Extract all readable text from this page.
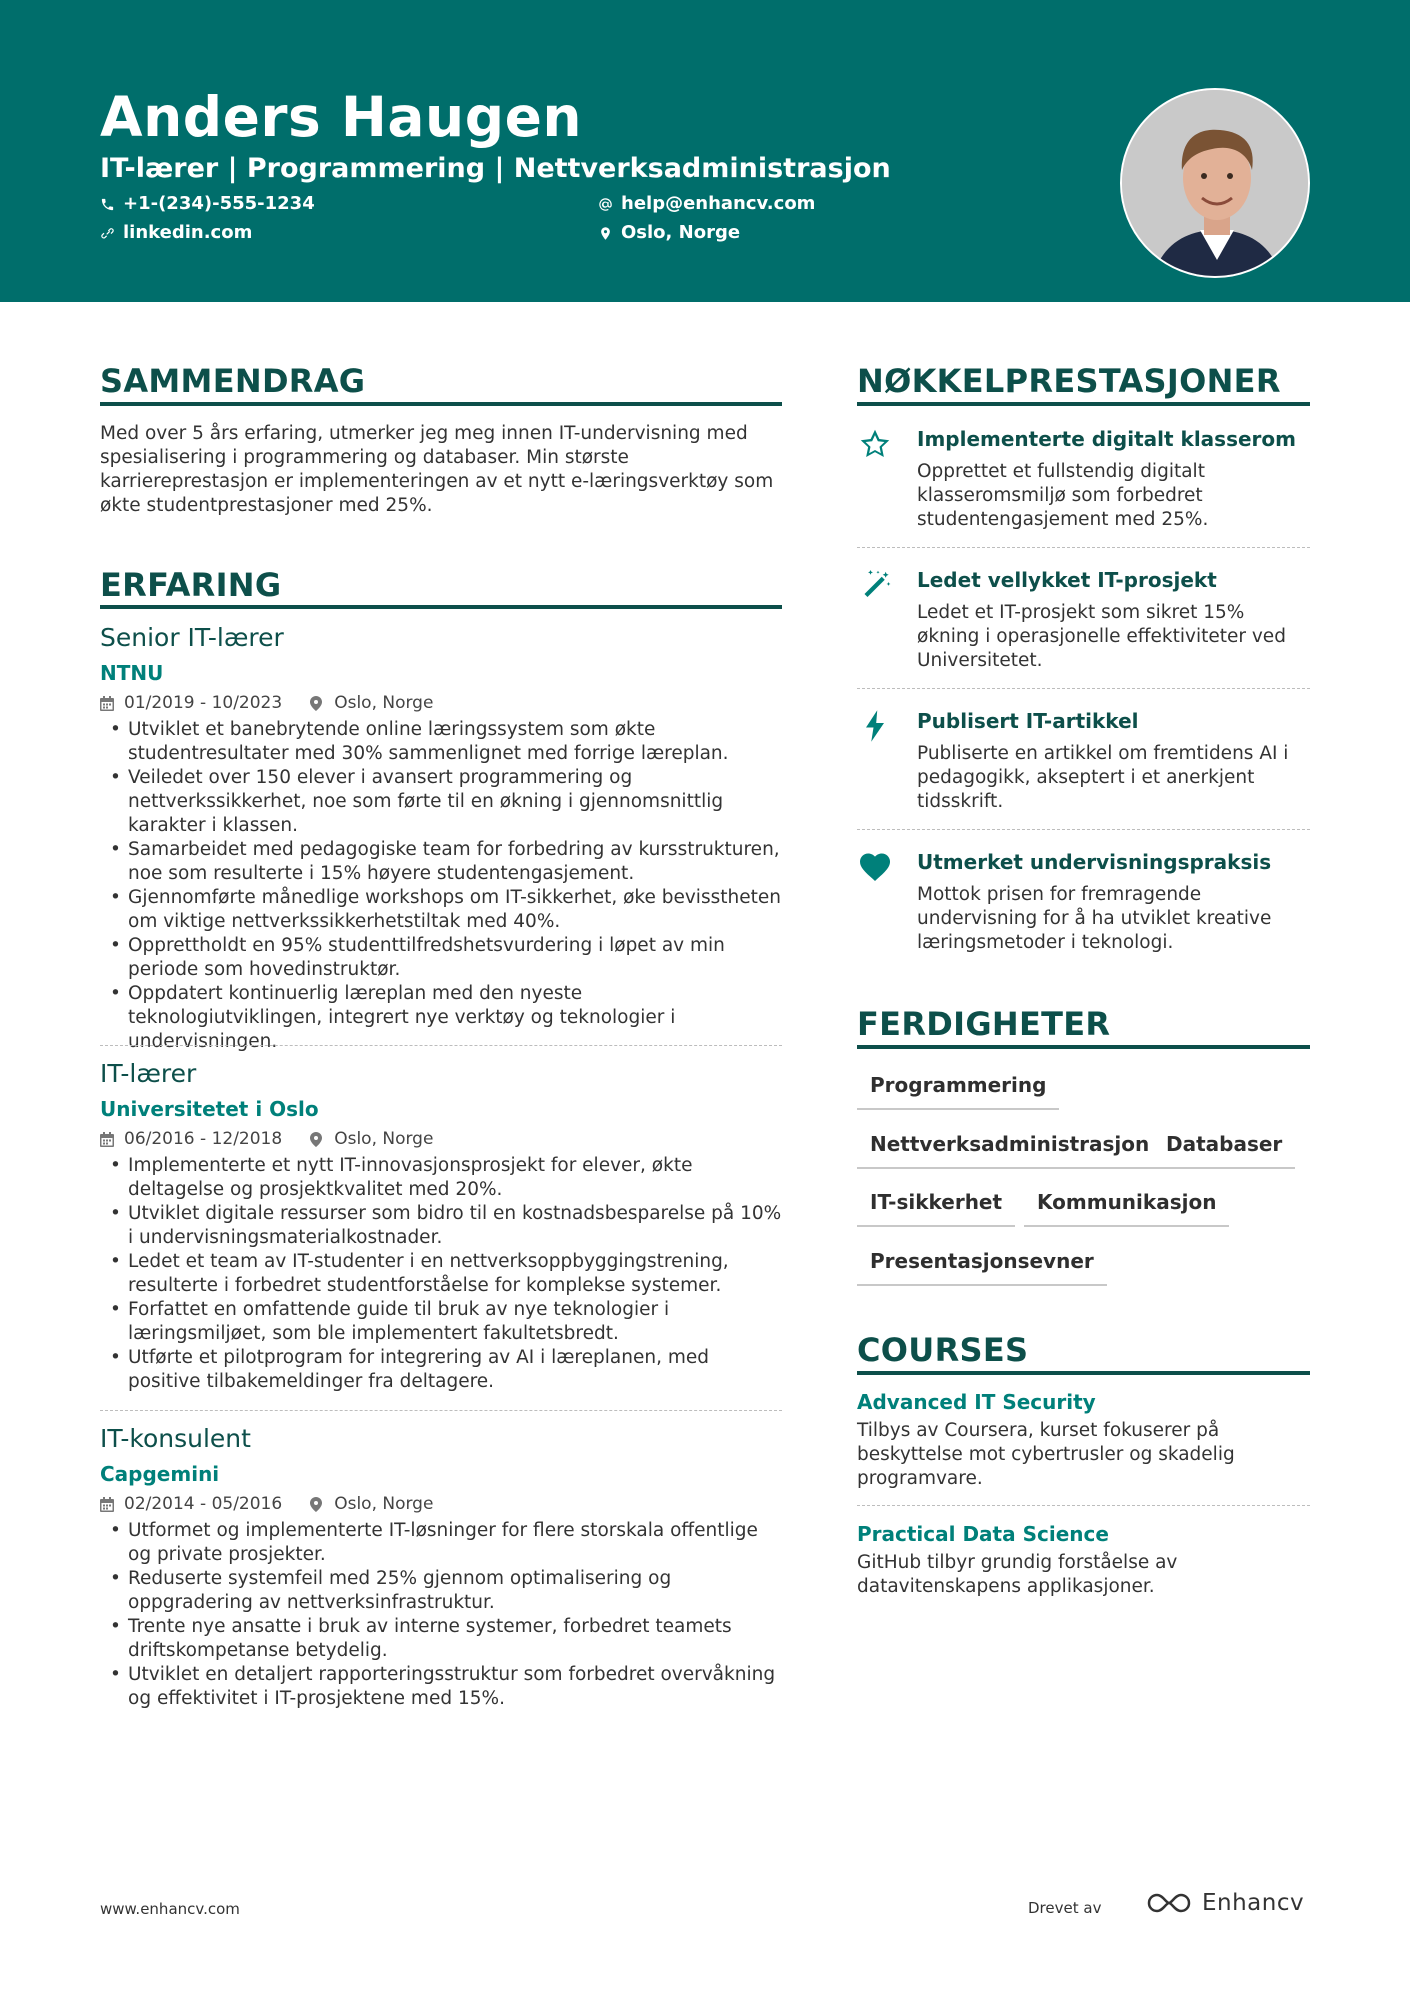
Anders Haugen
IT-lærer | Programmering | Nettverksadministrasjon
+1-(234)-555-1234	help@enhancv.com
linkedin.com	Oslo, Norge
SAMMENDRAG
Med over 5 års erfaring, utmerker jeg meg innen IT-undervisning med spesialisering i programmering og databaser. Min største karriereprestasjon er implementeringen av et nytt e-læringsverktøy som økte studentprestasjoner med 25%.
ERFARING
Senior IT-lærer
NTNU
01/2019 - 10/2023	Oslo, Norge
• Utviklet et banebrytende online læringssystem som økte studentresultater med 30% sammenlignet med forrige læreplan.
• Veiledet over 150 elever i avansert programmering og nettverkssikkerhet, noe som førte til en økning i gjennomsnittlig karakter i klassen.
• Samarbeidet med pedagogiske team for forbedring av kursstrukturen, noe som resulterte i 15% høyere studentengasjement.
• Gjennomførte månedlige workshops om IT-sikkerhet, øke bevisstheten om viktige nettverkssikkerhetstiltak med 40%.
• Opprettholdt en 95% studenttilfredshetsvurdering i løpet av min periode som hovedinstruktør.
• Oppdatert kontinuerlig læreplan med den nyeste teknologiutviklingen, integrert nye verktøy og teknologier i undervisningen.
IT-lærer
Universitetet i Oslo
06/2016 - 12/2018	Oslo, Norge
• Implementerte et nytt IT-innovasjonsprosjekt for elever, økte deltagelse og prosjektkvalitet med 20%.
• Utviklet digitale ressurser som bidro til en kostnadsbesparelse på 10% i undervisningsmaterialkostnader.
• Ledet et team av IT-studenter i en nettverksoppbyggingstrening, resulterte i forbedret studentforståelse for komplekse systemer.
• Forfattet en omfattende guide til bruk av nye teknologier i læringsmiljøet, som ble implementert fakultetsbredt.
• Utførte et pilotprogram for integrering av AI i læreplanen, med positive tilbakemeldinger fra deltagere.
IT-konsulent
Capgemini
02/2014 - 05/2016	Oslo, Norge
• Utformet og implementerte IT-løsninger for flere storskala offentlige og private prosjekter.
• Reduserte systemfeil med 25% gjennom optimalisering og oppgradering av nettverksinfrastruktur.
• Trente nye ansatte i bruk av interne systemer, forbedret teamets driftskompetanse betydelig.
• Utviklet en detaljert rapporteringsstruktur som forbedret overvåkning og effektivitet i IT-prosjektene med 15%.
NØKKELPRESTASJONER
Implementerte digitalt klasserom
Opprettet et fullstendig digitalt klasseromsmiljø som forbedret studentengasjement med 25%.
Ledet vellykket IT-prosjekt
Ledet et IT-prosjekt som sikret 15% økning i operasjonelle effektiviteter ved Universitetet.
Publisert IT-artikkel
Publiserte en artikkel om fremtidens AI i pedagogikk, akseptert i et anerkjent tidsskrift.
Utmerket undervisningspraksis
Mottok prisen for fremragende undervisning for å ha utviklet kreative læringsmetoder i teknologi.
FERDIGHETER
Programmering
Nettverksadministrasjon Databaser
IT-sikkerhet	Kommunikasjon
Presentasjonsevner
COURSES
Advanced IT Security
Tilbys av Coursera, kurset fokuserer på beskyttelse mot cybertrusler og skadelig programvare.
Practical Data Science
GitHub tilbyr grundig forståelse av datavitenskapens applikasjoner.
www.enhancv.com	Drevet av	Enhancv
